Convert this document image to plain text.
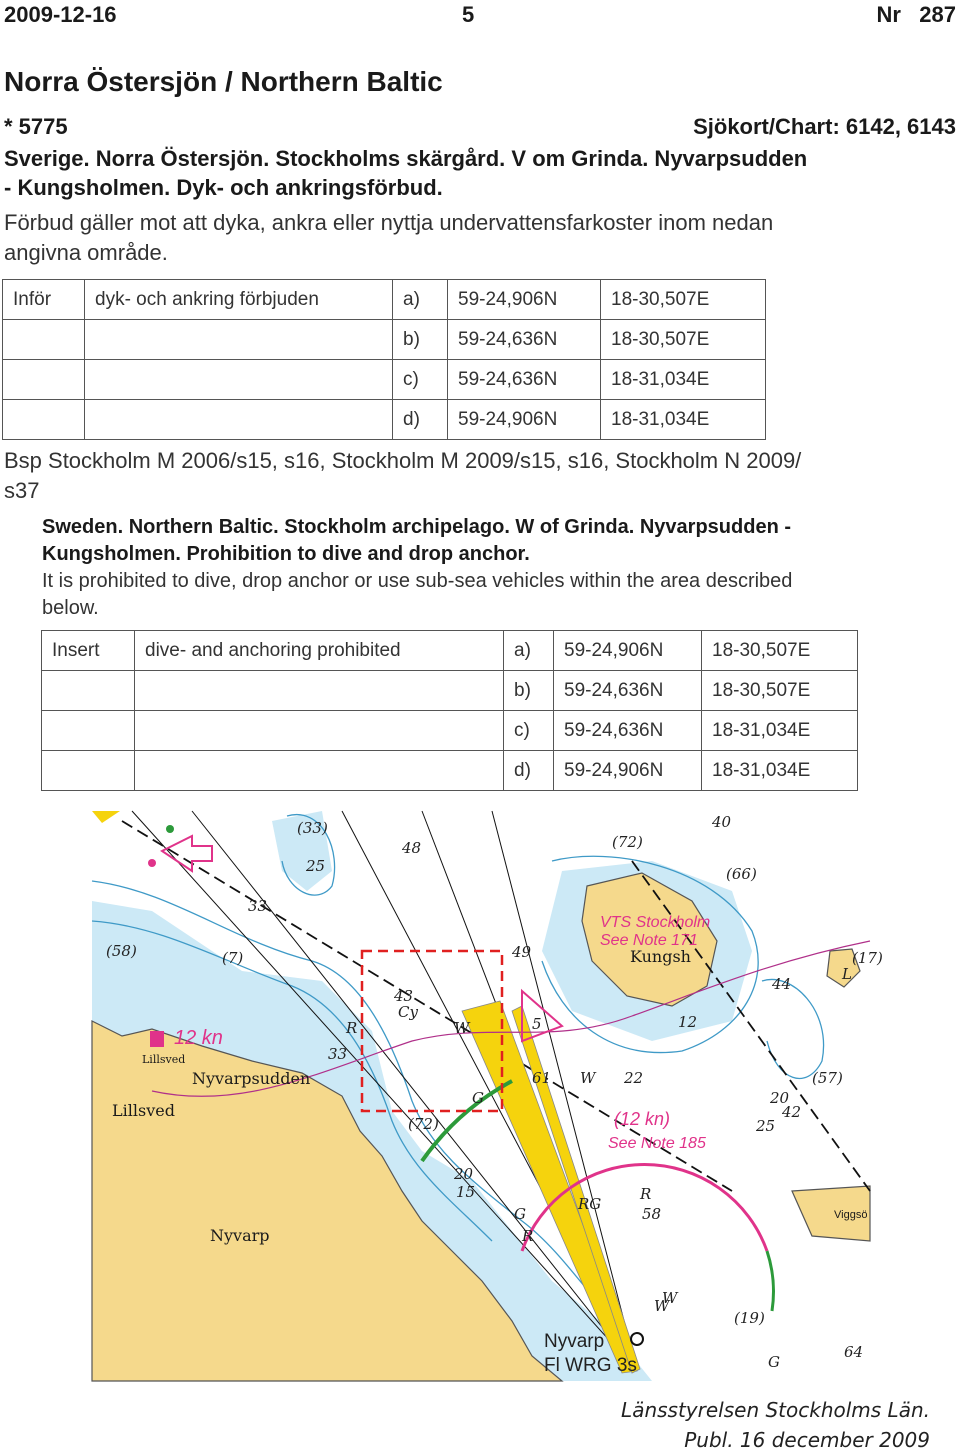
2009-12-16	5	Nr   287
Norra Östersjön / Northern Baltic
* 5775	Sjökort/Chart: 6142, 6143
Sverige. Norra Östersjön. Stockholms skärgård. V om Grinda. Nyvarpsudden
- Kungsholmen. Dyk- och ankringsförbud.
Förbud gäller mot att dyka, ankra eller nyttja undervattensfarkoster inom nedan
angivna område.
Inför	dyk- och ankring förbjuden	a)	59-24,906N	18-30,507E
		b)	59-24,636N	18-30,507E
		c)	59-24,636N	18-31,034E
		d)	59-24,906N	18-31,034E
Bsp Stockholm M 2006/s15, s16, Stockholm M 2009/s15, s16, Stockholm N 2009/
s37
Sweden. Northern Baltic. Stockholm archipelago. W of Grinda. Nyvarpsudden -
Kungsholmen. Prohibition to dive and drop anchor.
It is prohibited to dive, drop anchor or use sub-sea vehicles within the area described
below.
Insert	dive- and anchoring prohibited	a)	59-24,906N	18-30,507E
		b)	59-24,636N	18-30,507E
		c)	59-24,636N	18-31,034E
		d)	59-24,906N	18-31,034E
(33)
25
48	(72)
40
(66)
33
(58)	(7)
43
Cy
49
5
44
(17)
L
33
R	W	12
61 W 22	(57)
42
G
(72)
20
15
58
R
RG
G
R
W
(19)
64
G
25
20
W
Nyvarpsudden
Lillsved
Lillsved
Nyvarp
Kungsh
Viggsö
VTS Stockholm
See Note 171
12 kn
(12 kn)
See Note 185
Nyvarp
Fl WRG 3s
Länsstyrelsen Stockholms Län.
Publ. 16 december 2009
